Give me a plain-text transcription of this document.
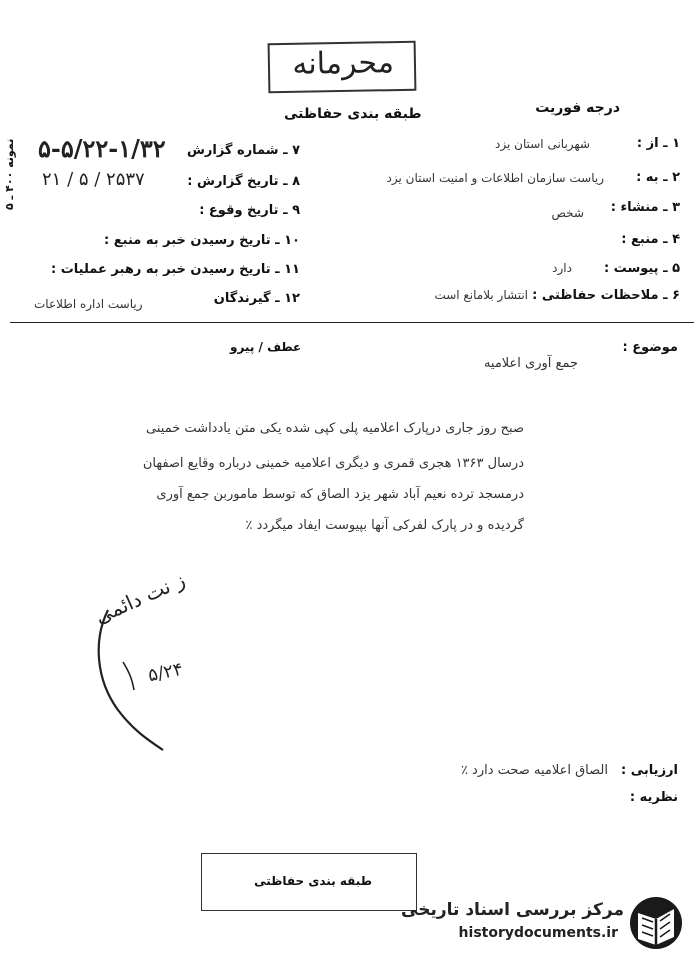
محرمانه
طبقه بندی حفاظتی	درجه فوریت
نمونه ۴۰۰ ـ ۵	۱ ـ از :
شهربانی استان یزد
۲ ـ به :
ریاست سازمان اطلاعات و امنیت استان یزد
۳ ـ منشاء :
شخص
۴ ـ منبع :
۵ ـ پیوست :
دارد
۶ ـ ملاحظات حفاظتی :
انتشار بلامانع است
۷ ـ شماره گزارش
۵-۵/۲۲-۱/۳۲
۸ ـ تاریخ گزارش :
۲۵۳۷ / ۵ / ۲۱
۹ ـ تاریخ وقوع :
۱۰ ـ تاریخ رسیدن خبر به منبع :
۱۱ ـ تاریخ رسیدن خبر به رهبر عملیات :
۱۲ ـ گیرندگان
ریاست اداره اطلاعات
عطف / پیرو	موضوع :
جمع آوری اعلامیه
صبح روز جاری درپارک اعلامیه پلی کپی شده یکی متن یادداشت خمینی
درسال ۱۳۶۳ هجری قمری و دیگری اعلامیه خمینی درباره وقایع اصفهان
درمسجد ترده نعیم آباد شهر یزد الصاق که توسط ماموربن جمع آوری
گردیده و در پارک لفرکی آنها بپیوست ایفاد میگردد ٪
ز نت دائمی
۵/۲۴
ارزیابی :
الصاق اعلامیه صحت دارد ٪
نظریه :
طبقه بندی حفاظتی
مرکز بررسی اسناد تاریخی
historydocuments.ir
